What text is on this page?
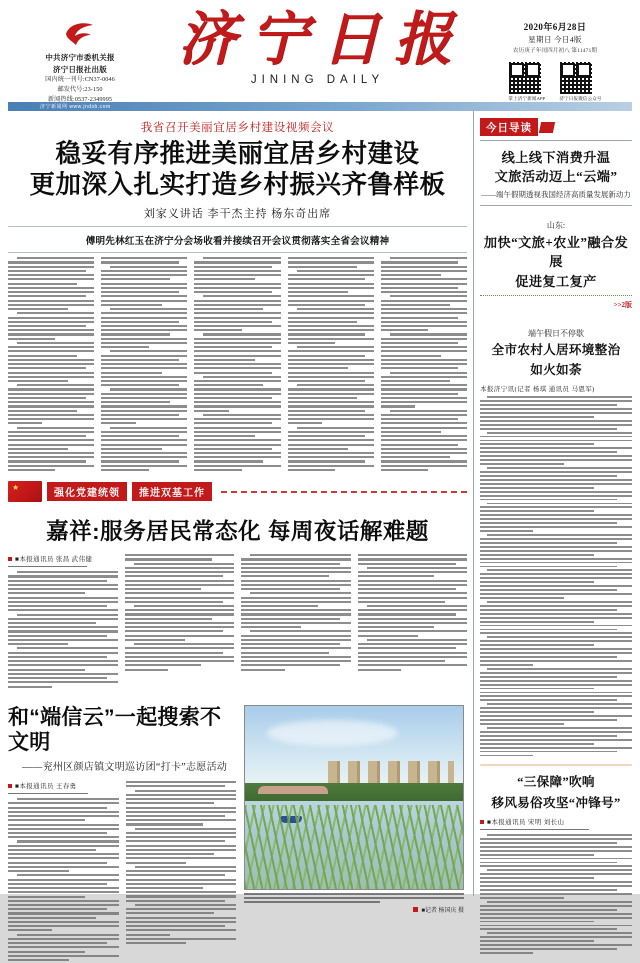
中共济宁市委机关报
济宁日报社出版
国内统一刊号:CN37-0046
邮发代号:23-150
新闻热线:0537-2349995
济宁日报
JINING DAILY
2020年6月28日
星期日 今日4版
农历庚子年闰四月初八 第11471期
掌上济宁新闻APP	济宁日报微信公众号
济宁新闻网 www.jndsb.com
我省召开美丽宜居乡村建设视频会议
稳妥有序推进美丽宜居乡村建设
更加深入扎实打造乡村振兴齐鲁样板
刘家义讲话 李干杰主持 杨东奇出席
傅明先林红玉在济宁分会场收看并接续召开会议贯彻落实全省会议精神
★
强化党建统领	推进双基工作
嘉祥:服务居民常态化 每周夜话解难题
■本报通讯员 张昌 武伟健
和“端信云”一起搜索不文明
——兖州区颜店镇文明巡访团“打卡”志愿活动
■本报通讯员 王春勇
■记者 杨国庆 摄
今日导读
线上线下消费升温
文旅活动迈上“云端”
——端午假期透视我国经济高质量发展新动力
山东:
加快“文旅+农业”融合发展
促进复工复产
>>2版
端午假日不停歇
全市农村人居环境整治
如火如荼
本报济宁讯(记者 杨琪 通讯员 马恩军)
“三保障”吹响
移风易俗攻坚“冲锋号”
■本报通讯员 宋明 刘长山
